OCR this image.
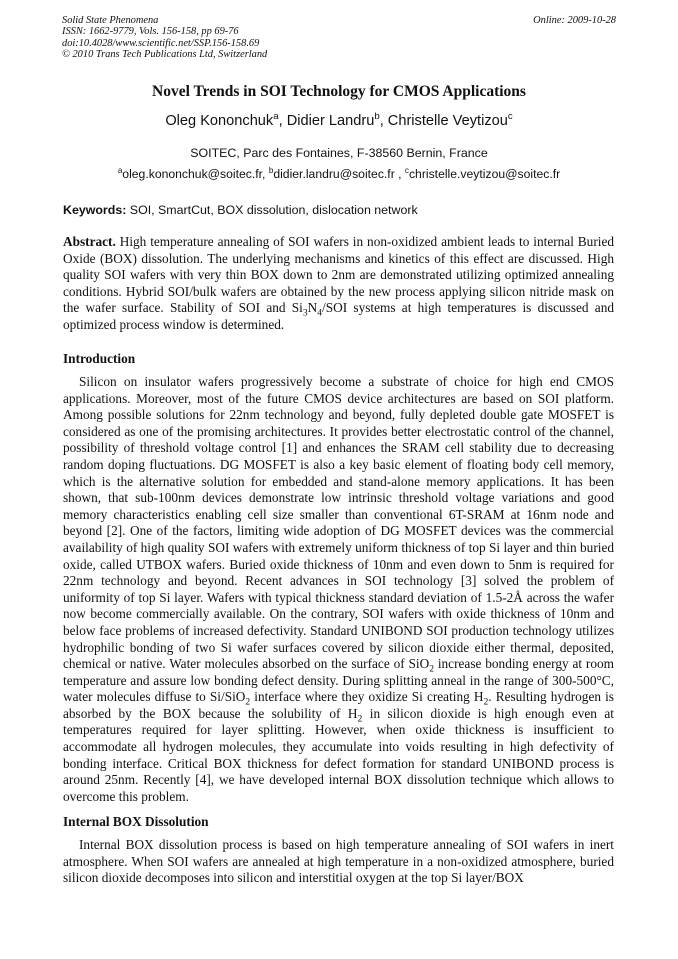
Solid State Phenomena
ISSN: 1662-9779, Vols. 156-158, pp 69-76
doi:10.4028/www.scientific.net/SSP.156-158.69
© 2010 Trans Tech Publications Ltd, Switzerland
Online: 2009-10-28
Novel Trends in SOI Technology for CMOS Applications
Oleg Kononchuk$^a$, Didier Landru$^b$, Christelle Veytizou$^c$
SOITEC, Parc des Fontaines, F-38560 Bernin, France
$^a$oleg.kononchuk@soitec.fr, $^b$didier.landru@soitec.fr , $^c$christelle.veytizou@soitec.fr
Keywords: SOI, SmartCut, BOX dissolution, dislocation network

Abstract. High temperature annealing of SOI wafers in non-oxidized ambient leads to internal Buried Oxide (BOX) dissolution. The underlying mechanisms and kinetics of this effect are discussed. High quality SOI wafers with very thin BOX down to 2nm are demonstrated utilizing optimized annealing conditions. Hybrid SOI/bulk wafers are obtained by the new process applying silicon nitride mask on the wafer surface. Stability of SOI and $Si_3N_4$/SOI systems at high temperatures is discussed and optimized process window is determined.

Introduction

Silicon on insulator wafers progressively become a substrate of choice for high end CMOS applications. Moreover, most of the future CMOS device architectures are based on SOI platform. Among possible solutions for 22nm technology and beyond, fully depleted double gate MOSFET is considered as one of the promising architectures. It provides better electrostatic control of the channel, possibility of threshold voltage control [1] and enhances the SRAM cell stability due to decreasing random doping fluctuations. DG MOSFET is also a key basic element of floating body cell memory, which is the alternative solution for embedded and stand-alone memory applications. It has been shown, that sub-100nm devices demonstrate low intrinsic threshold voltage variations and good memory characteristics enabling cell size smaller than conventional 6T-SRAM at 16nm node and beyond [2]. One of the factors, limiting wide adoption of DG MOSFET devices was the commercial availability of high quality SOI wafers with extremely uniform thickness of top Si layer and thin buried oxide, called UTBOX wafers. Buried oxide thickness of 10nm and even down to 5nm is required for 22nm technology and beyond. Recent advances in SOI technology [3] solved the problem of uniformity of top Si layer. Wafers with typical thickness standard deviation of 1.5-2Å across the wafer now become commercially available. On the contrary, SOI wafers with oxide thickness of 10nm and below face problems of increased defectivity. Standard UNIBOND SOI production technology utilizes hydrophilic bonding of two Si wafer surfaces covered by silicon dioxide either thermal, deposited, chemical or native. Water molecules absorbed on the surface of SiO$_2$ increase bonding energy at room temperature and assure low bonding defect density. During splitting anneal in the range of 300-500°C, water molecules diffuse to Si/SiO$_2$ interface where they oxidize Si creating $H_2$. Resulting hydrogen is absorbed by the BOX because the solubility of $H_2$ in silicon dioxide is high enough even at temperatures required for layer splitting. However, when oxide thickness is insufficient to accommodate all hydrogen molecules, they accumulate into voids resulting in high defectivity of bonding interface. Critical BOX thickness for defect formation for standard UNIBOND process is around 25nm. Recently [4], we have developed internal BOX dissolution technique which allows to overcome this problem.

Internal BOX Dissolution

Internal BOX dissolution process is based on high temperature annealing of SOI wafers in inert atmosphere. When SOI wafers are annealed at high temperature in a non-oxidized atmosphere, buried silicon dioxide decomposes into silicon and interstitial oxygen at the top Si layer/BOX
